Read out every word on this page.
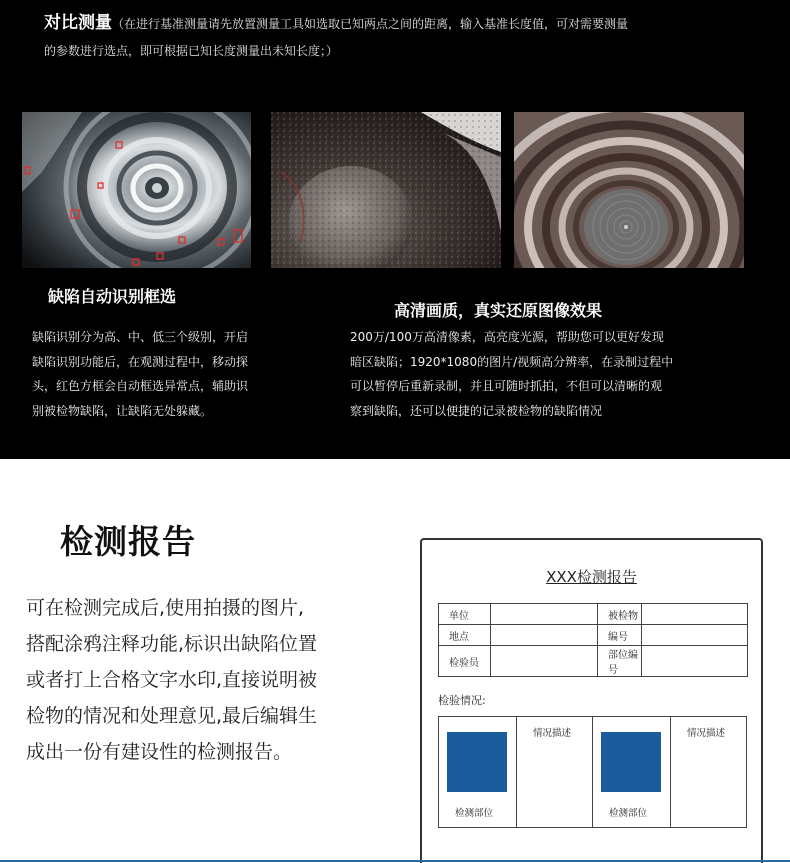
对比测量（在进行基准测量请先放置测量工具如选取已知两点之间的距离，输入基准长度值，可对需要测量
的参数进行选点，即可根据已知长度测量出未知长度；）
缺陷自动识别框选
高清画质，真实还原图像效果
缺陷识别分为高、中、低三个级别，开启
缺陷识别功能后，在观测过程中，移动探
头，红色方框会自动框选异常点，辅助识
别被检物缺陷，让缺陷无处躲藏。
200万/100万高清像素，高亮度光源，帮助您可以更好发现
暗区缺陷；1920*1080的图片/视频高分辨率，在录制过程中
可以暂停后重新录制，并且可随时抓拍，不但可以清晰的观
察到缺陷，还可以便捷的记录被检物的缺陷情况
检测报告
可在检测完成后,使用拍摄的图片,
搭配涂鸦注释功能,标识出缺陷位置
或者打上合格文字水印,直接说明被
检物的情况和处理意见,最后编辑生
成出一份有建设性的检测报告。
XXX检测报告
单位		被检物	
地点		编号	
检验员		部位编号	
检验情况:
情况描述
检测部位
情况描述
检测部位
